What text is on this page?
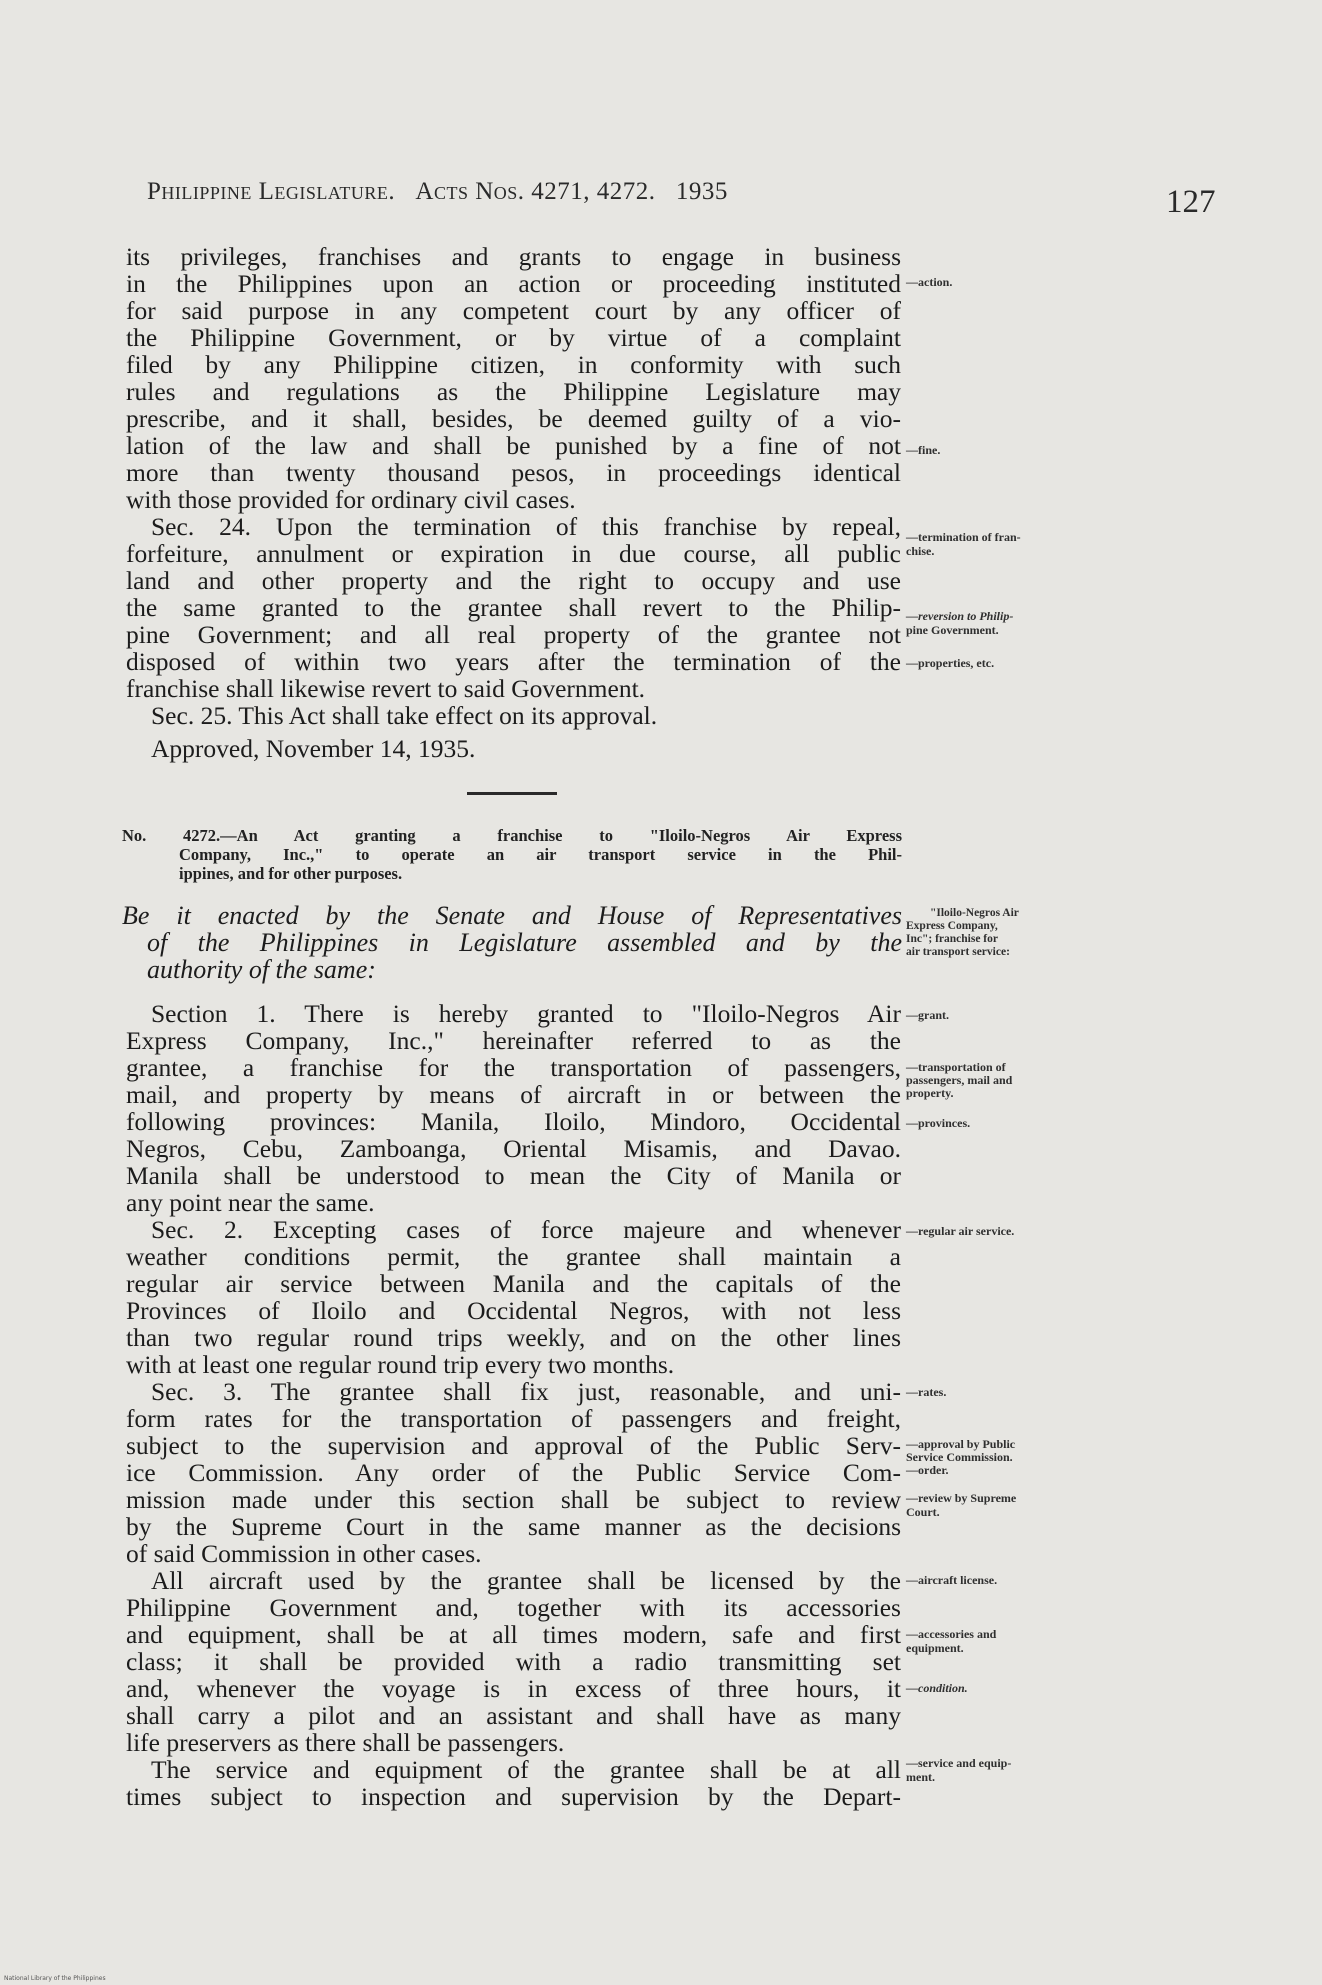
Philippine Legislature. Acts Nos. 4271, 4272. 1935	127
its privileges, franchises and grants to engage in business
in the Philippines upon an action or proceeding instituted
for said purpose in any competent court by any officer of
the Philippine Government, or by virtue of a complaint
filed by any Philippine citizen, in conformity with such
rules and regulations as the Philippine Legislature may
prescribe, and it shall, besides, be deemed guilty of a vio-
lation of the law and shall be punished by a fine of not
more than twenty thousand pesos, in proceedings identical
with those provided for ordinary civil cases.
Sec. 24. Upon the termination of this franchise by repeal,
forfeiture, annulment or expiration in due course, all public
land and other property and the right to occupy and use
the same granted to the grantee shall revert to the Philip-
pine Government; and all real property of the grantee not
disposed of within two years after the termination of the
franchise shall likewise revert to said Government.
Sec. 25. This Act shall take effect on its approval.
Approved, November 14, 1935.
No. 4272.—An Act granting a franchise to "Iloilo-Negros Air Express
Company, Inc.," to operate an air transport service in the Phil-
ippines, and for other purposes.
Be it enacted by the Senate and House of Representatives
of the Philippines in Legislature assembled and by the
authority of the same:
Section 1. There is hereby granted to "Iloilo-Negros Air
Express Company, Inc.," hereinafter referred to as the
grantee, a franchise for the transportation of passengers,
mail, and property by means of aircraft in or between the
following provinces: Manila, Iloilo, Mindoro, Occidental
Negros, Cebu, Zamboanga, Oriental Misamis, and Davao.
Manila shall be understood to mean the City of Manila or
any point near the same.
Sec. 2. Excepting cases of force majeure and whenever
weather conditions permit, the grantee shall maintain a
regular air service between Manila and the capitals of the
Provinces of Iloilo and Occidental Negros, with not less
than two regular round trips weekly, and on the other lines
with at least one regular round trip every two months.
Sec. 3. The grantee shall fix just, reasonable, and uni-
form rates for the transportation of passengers and freight,
subject to the supervision and approval of the Public Serv-
ice Commission. Any order of the Public Service Com-
mission made under this section shall be subject to review
by the Supreme Court in the same manner as the decisions
of said Commission in other cases.
All aircraft used by the grantee shall be licensed by the
Philippine Government and, together with its accessories
and equipment, shall be at all times modern, safe and first
class; it shall be provided with a radio transmitting set
and, whenever the voyage is in excess of three hours, it
shall carry a pilot and an assistant and shall have as many
life preservers as there shall be passengers.
The service and equipment of the grantee shall be at all
times subject to inspection and supervision by the Depart-
—action.
—fine.
—termination of fran-
chise.
—reversion to Philip-
pine Government.
—properties, etc.
"Iloilo-Negros Air
Express Company,
Inc"; franchise for
air transport service:
—grant.
—transportation of
passengers, mail and
property.
—provinces.
—regular air service.
—rates.
—approval by Public
Service Commission.
—order.
—review by Supreme
Court.
—aircraft license.
—accessories and
equipment.
—condition.
—service and equip-
ment.
National Library of the Philippines
